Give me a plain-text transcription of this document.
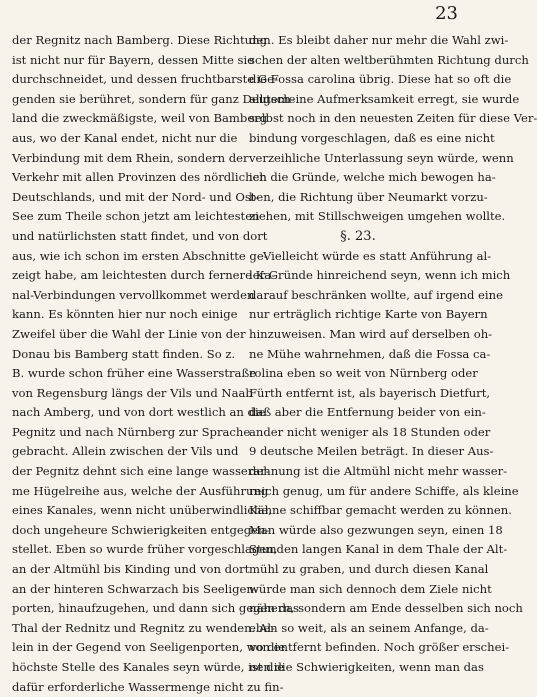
23
der Regnitz nach Bamberg. Diese Richtung
ist nicht nur für Bayern, dessen Mitte sie
durchschneidet, und dessen fruchtbarste Ge-
genden sie berühret, sondern für ganz Deutsch-
land die zweckmäßigste, weil von Bamberg
aus, wo der Kanal endet, nicht nur die
Verbindung mit dem Rhein, sondern der
Verkehr mit allen Provinzen des nördlichen
Deutschlands, und mit der Nord- und Ost-
See zum Theile schon jetzt am leichtesten
und natürlichsten statt findet, und von dort
aus, wie ich schon im ersten Abschnitte ge-
zeigt habe, am leichtesten durch fernere Ka-
nal-Verbindungen vervollkommet werden
kann. Es könnten hier nur noch einige
Zweifel über die Wahl der Linie von der
Donau bis Bamberg statt finden. So z.
B. wurde schon früher eine Wasserstraße
von Regensburg längs der Vils und Naab
nach Amberg, und von dort westlich an die
Pegnitz und nach Nürnberg zur Sprache
gebracht. Allein zwischen der Vils und
der Pegnitz dehnt sich eine lange wasserar-
me Hügelreihe aus, welche der Ausführung
eines Kanales, wenn nicht unüberwindliche,
doch ungeheure Schwierigkeiten entgegen-
stellet. Eben so wurde früher vorgeschlagen,
an der Altmühl bis Kinding und von dort
an der hinteren Schwarzach bis Seeligen-
porten, hinaufzugehen, und dann sich gegen das
Thal der Rednitz und Regnitz zu wenden. Al-
lein in der Gegend von Seeligenporten, wo die
höchste Stelle des Kanales seyn würde, ist die
dafür erforderliche Wassermenge nicht zu fin-
den. Es bleibt daher nur mehr die Wahl zwi-
schen der alten weltberühmten Richtung durch
die Fossa carolina übrig. Diese hat so oft die
allgemeine Aufmerksamkeit erregt, sie wurde
selbst noch in den neuesten Zeiten für diese Ver-
bindung vorgeschlagen, daß es eine nicht
verzeihliche Unterlassung seyn würde, wenn
ich die Gründe, welche mich bewogen ha-
ben, die Richtung über Neumarkt vorzu-
ziehen, mit Stillschweigen umgehen wollte.
§. 23.
Vielleicht würde es statt Anführung al-
ler Gründe hinreichend seyn, wenn ich mich
darauf beschränken wollte, auf irgend eine
nur erträglich richtige Karte von Bayern
hinzuweisen. Man wird auf derselben oh-
ne Mühe wahrnehmen, daß die Fossa ca-
rolina eben so weit von Nürnberg oder
Fürth entfernt ist, als bayerisch Dietfurt,
daß aber die Entfernung beider von ein-
ander nicht weniger als 18 Stunden oder
9 deutsche Meilen beträgt. In dieser Aus-
dehnung ist die Altmühl nicht mehr wasser-
reich genug, um für andere Schiffe, als kleine
Kähne schiffbar gemacht werden zu können.
Man würde also gezwungen seyn, einen 18
Stunden langen Kanal in dem Thale der Alt-
mühl zu graben, und durch diesen Kanal
würde man sich dennoch dem Ziele nicht
nähern, sondern am Ende desselben sich noch
eben so weit, als an seinem Anfange, da-
von entfernt befinden. Noch größer erschei-
nen die Schwierigkeiten, wenn man das
